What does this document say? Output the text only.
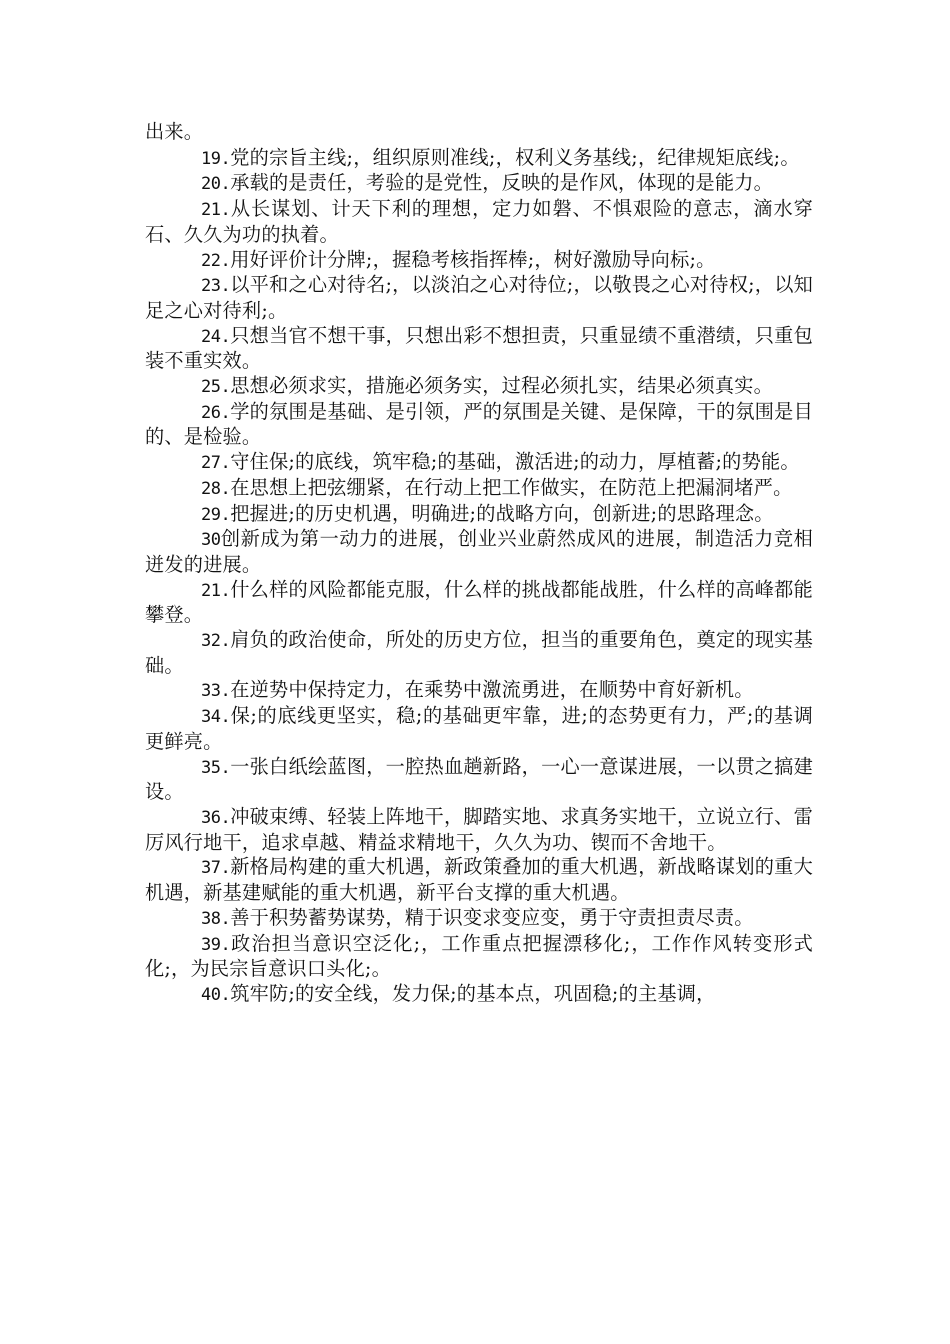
出来。

19.党的宗旨主线;，组织原则准线;，权利义务基线;，纪律规矩底线;。

20.承载的是责任，考验的是党性，反映的是作风，体现的是能力。

21.从长谋划、计天下利的理想，定力如磐、不惧艰险的意志，滴水穿石、久久为功的执着。

22.用好评价计分牌;，握稳考核指挥棒;，树好激励导向标;。

23.以平和之心对待名;，以淡泊之心对待位;，以敬畏之心对待权;，以知足之心对待利;。

24.只想当官不想干事，只想出彩不想担责，只重显绩不重潜绩，只重包装不重实效。

25.思想必须求实，措施必须务实，过程必须扎实，结果必须真实。

26.学的氛围是基础、是引领，严的氛围是关键、是保障，干的氛围是目的、是检验。

27.守住保;的底线，筑牢稳;的基础，激活进;的动力，厚植蓄;的势能。

28.在思想上把弦绷紧，在行动上把工作做实，在防范上把漏洞堵严。

29.把握进;的历史机遇，明确进;的战略方向，创新进;的思路理念。

30创新成为第一动力的进展，创业兴业蔚然成风的进展，制造活力竞相迸发的进展。

21.什么样的风险都能克服，什么样的挑战都能战胜，什么样的高峰都能攀登。

32.肩负的政治使命，所处的历史方位，担当的重要角色，奠定的现实基础。

33.在逆势中保持定力，在乘势中激流勇进，在顺势中育好新机。

34.保;的底线更坚实，稳;的基础更牢靠，进;的态势更有力，严;的基调更鲜亮。

35.一张白纸绘蓝图，一腔热血趟新路，一心一意谋进展，一以贯之搞建设。

36.冲破束缚、轻装上阵地干，脚踏实地、求真务实地干，立说立行、雷厉风行地干，追求卓越、精益求精地干，久久为功、锲而不舍地干。

37.新格局构建的重大机遇，新政策叠加的重大机遇，新战略谋划的重大机遇，新基建赋能的重大机遇，新平台支撑的重大机遇。

38.善于积势蓄势谋势，精于识变求变应变，勇于守责担责尽责。

39.政治担当意识空泛化;，工作重点把握漂移化;，工作作风转变形式化;，为民宗旨意识口头化;。

40.筑牢防;的安全线，发力保;的基本点，巩固稳;的主基调，
